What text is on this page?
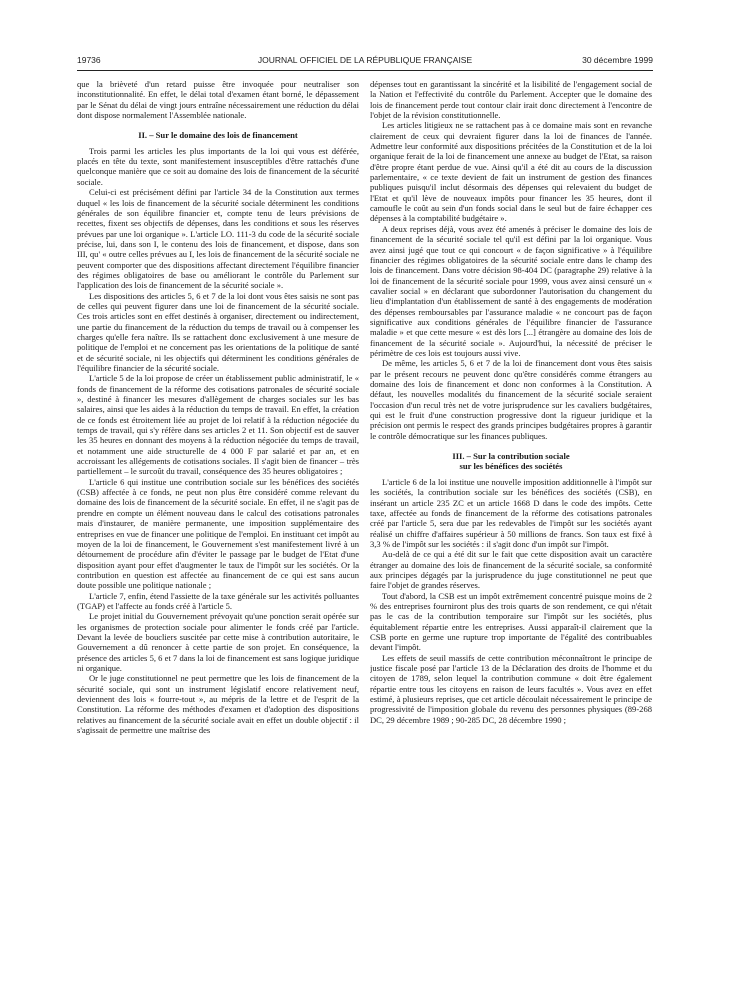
19736	JOURNAL OFFICIEL DE LA RÉPUBLIQUE FRANÇAISE	30 décembre 1999

que la brièveté d'un retard puisse être invoquée pour neutraliser son inconstitutionnalité. En effet, le délai total d'examen étant borné, le dépassement par le Sénat du délai de vingt jours entraîne nécessairement une réduction du délai dont dispose normalement l'Assemblée nationale.

II. – Sur le domaine des lois de financement

Trois parmi les articles les plus importants de la loi qui vous est déférée, placés en tête du texte, sont manifestement insusceptibles d'être rattachés d'une quelconque manière que ce soit au domaine des lois de financement de la sécurité sociale.

Celui-ci est précisément défini par l'article 34 de la Constitution aux termes duquel « les lois de financement de la sécurité sociale déterminent les conditions générales de son équilibre financier et, compte tenu de leurs prévisions de recettes, fixent ses objectifs de dépenses, dans les conditions et sous les réserves prévues par une loi organique ». L'article LO. 111-3 du code de la sécurité sociale précise, lui, dans son I, le contenu des lois de financement, et dispose, dans son III, qu' « outre celles prévues au I, les lois de financement de la sécurité sociale ne peuvent comporter que des dispositions affectant directement l'équilibre financier des régimes obligatoires de base ou améliorant le contrôle du Parlement sur l'application des lois de financement de la sécurité sociale ».

Les dispositions des articles 5, 6 et 7 de la loi dont vous êtes saisis ne sont pas de celles qui peuvent figurer dans une loi de financement de la sécurité sociale. Ces trois articles sont en effet destinés à organiser, directement ou indirectement, une partie du financement de la réduction du temps de travail ou à compenser les charges qu'elle fera naître. Ils se rattachent donc exclusivement à une mesure de politique de l'emploi et ne concernent pas les orientations de la politique de santé et de sécurité sociale, ni les objectifs qui déterminent les conditions générales de l'équilibre financier de la sécurité sociale.

L'article 5 de la loi propose de créer un établissement public administratif, le « fonds de financement de la réforme des cotisations patronales de sécurité sociale », destiné à financer les mesures d'allègement de charges sociales sur les bas salaires, ainsi que les aides à la réduction du temps de travail. En effet, la création de ce fonds est étroitement liée au projet de loi relatif à la réduction négociée du temps de travail, qui s'y réfère dans ses articles 2 et 11. Son objectif est de sauver les 35 heures en donnant des moyens à la réduction négociée du temps de travail, et notamment une aide structurelle de 4 000 F par salarié et par an, et en accroissant les allégements de cotisations sociales. Il s'agit bien de financer – très partiellement – le surcoût du travail, conséquence des 35 heures obligatoires ;

L'article 6 qui institue une contribution sociale sur les bénéfices des sociétés (CSB) affectée à ce fonds, ne peut non plus être considéré comme relevant du domaine des lois de financement de la sécurité sociale. En effet, il ne s'agit pas de prendre en compte un élément nouveau dans le calcul des cotisations patronales mais d'instaurer, de manière permanente, une imposition supplémentaire des entreprises en vue de financer une politique de l'emploi. En instituant cet impôt au moyen de la loi de financement, le Gouvernement s'est manifestement livré à un détournement de procédure afin d'éviter le passage par le budget de l'Etat d'une disposition ayant pour effet d'augmenter le taux de l'impôt sur les sociétés. Or la contribution en question est affectée au financement de ce qui est sans aucun doute possible une politique nationale ;

L'article 7, enfin, étend l'assiette de la taxe générale sur les activités polluantes (TGAP) et l'affecte au fonds créé à l'article 5.

Le projet initial du Gouvernement prévoyait qu'une ponction serait opérée sur les organismes de protection sociale pour alimenter le fonds créé par l'article. Devant la levée de boucliers suscitée par cette mise à contribution autoritaire, le Gouvernement a dû renoncer à cette partie de son projet. En conséquence, la présence des articles 5, 6 et 7 dans la loi de financement est sans logique juridique ni organique.

Or le juge constitutionnel ne peut permettre que les lois de financement de la sécurité sociale, qui sont un instrument législatif encore relativement neuf, deviennent des lois « fourre-tout », au mépris de la lettre et de l'esprit de la Constitution. La réforme des méthodes d'examen et d'adoption des dispositions relatives au financement de la sécurité sociale avait en effet un double objectif : il s'agissait de permettre une maîtrise des

dépenses tout en garantissant la sincérité et la lisibilité de l'engagement social de la Nation et l'effectivité du contrôle du Parlement. Accepter que le domaine des lois de financement perde tout contour clair irait donc directement à l'encontre de l'objet de la révision constitutionnelle.

Les articles litigieux ne se rattachent pas à ce domaine mais sont en revanche clairement de ceux qui devraient figurer dans la loi de finances de l'année. Admettre leur conformité aux dispositions précitées de la Constitution et de la loi organique ferait de la loi de financement une annexe au budget de l'Etat, sa raison d'être propre étant perdue de vue. Ainsi qu'il a été dit au cours de la discussion parlementaire, « ce texte devient de fait un instrument de gestion des finances publiques puisqu'il inclut désormais des dépenses qui relevaient du budget de l'Etat et qu'il lève de nouveaux impôts pour financer les 35 heures, dont il camoufle le coût au sein d'un fonds social dans le seul but de faire échapper ces dépenses à la comptabilité budgétaire ».

A deux reprises déjà, vous avez été amenés à préciser le domaine des lois de financement de la sécurité sociale tel qu'il est défini par la loi organique. Vous avez ainsi jugé que tout ce qui concourt « de façon significative » à l'équilibre financier des régimes obligatoires de la sécurité sociale entre dans le champ des lois de financement. Dans votre décision 98-404 DC (paragraphe 29) relative à la loi de financement de la sécurité sociale pour 1999, vous avez ainsi censuré un « cavalier social » en déclarant que subordonner l'autorisation du changement du lieu d'implantation d'un établissement de santé à des engagements de modération des dépenses remboursables par l'assurance maladie « ne concourt pas de façon significative aux conditions générales de l'équilibre financier de l'assurance maladie » et que cette mesure « est dès lors [...] étrangère au domaine des lois de financement de la sécurité sociale ». Aujourd'hui, la nécessité de préciser le périmètre de ces lois est toujours aussi vive.

De même, les articles 5, 6 et 7 de la loi de financement dont vous êtes saisis par le présent recours ne peuvent donc qu'être considérés comme étrangers au domaine des lois de financement et donc non conformes à la Constitution. A défaut, les nouvelles modalités du financement de la sécurité sociale seraient l'occasion d'un recul très net de votre jurisprudence sur les cavaliers budgétaires, qui est le fruit d'une construction progressive dont la rigueur juridique et la précision ont permis le respect des grands principes budgétaires propres à garantir le contrôle démocratique sur les finances publiques.

III. – Sur la contribution sociale
sur les bénéfices des sociétés

L'article 6 de la loi institue une nouvelle imposition additionnelle à l'impôt sur les sociétés, la contribution sociale sur les bénéfices des sociétés (CSB), en insérant un article 235 ZC et un article 1668 D dans le code des impôts. Cette taxe, affectée au fonds de financement de la réforme des cotisations patronales créé par l'article 5, sera due par les redevables de l'impôt sur les sociétés ayant réalisé un chiffre d'affaires supérieur à 50 millions de francs. Son taux est fixé à 3,3 % de l'impôt sur les sociétés : il s'agit donc d'un impôt sur l'impôt.

Au-delà de ce qui a été dit sur le fait que cette disposition avait un caractère étranger au domaine des lois de financement de la sécurité sociale, sa conformité aux principes dégagés par la jurisprudence du juge constitutionnel ne peut que faire l'objet de grandes réserves.

Tout d'abord, la CSB est un impôt extrêmement concentré puisque moins de 2 % des entreprises fourniront plus des trois quarts de son rendement, ce qui n'était pas le cas de la contribution temporaire sur l'impôt sur les sociétés, plus équitablement répartie entre les entreprises. Aussi apparaît-il clairement que la CSB porte en germe une rupture trop importante de l'égalité des contribuables devant l'impôt.

Les effets de seuil massifs de cette contribution méconnaîtront le principe de justice fiscale posé par l'article 13 de la Déclaration des droits de l'homme et du citoyen de 1789, selon lequel la contribution commune « doit être également répartie entre tous les citoyens en raison de leurs facultés ». Vous avez en effet estimé, à plusieurs reprises, que cet article découlait nécessairement le principe de progressivité de l'imposition globale du revenu des personnes physiques (89-268 DC, 29 décembre 1989 ; 90-285 DC, 28 décembre 1990 ;
